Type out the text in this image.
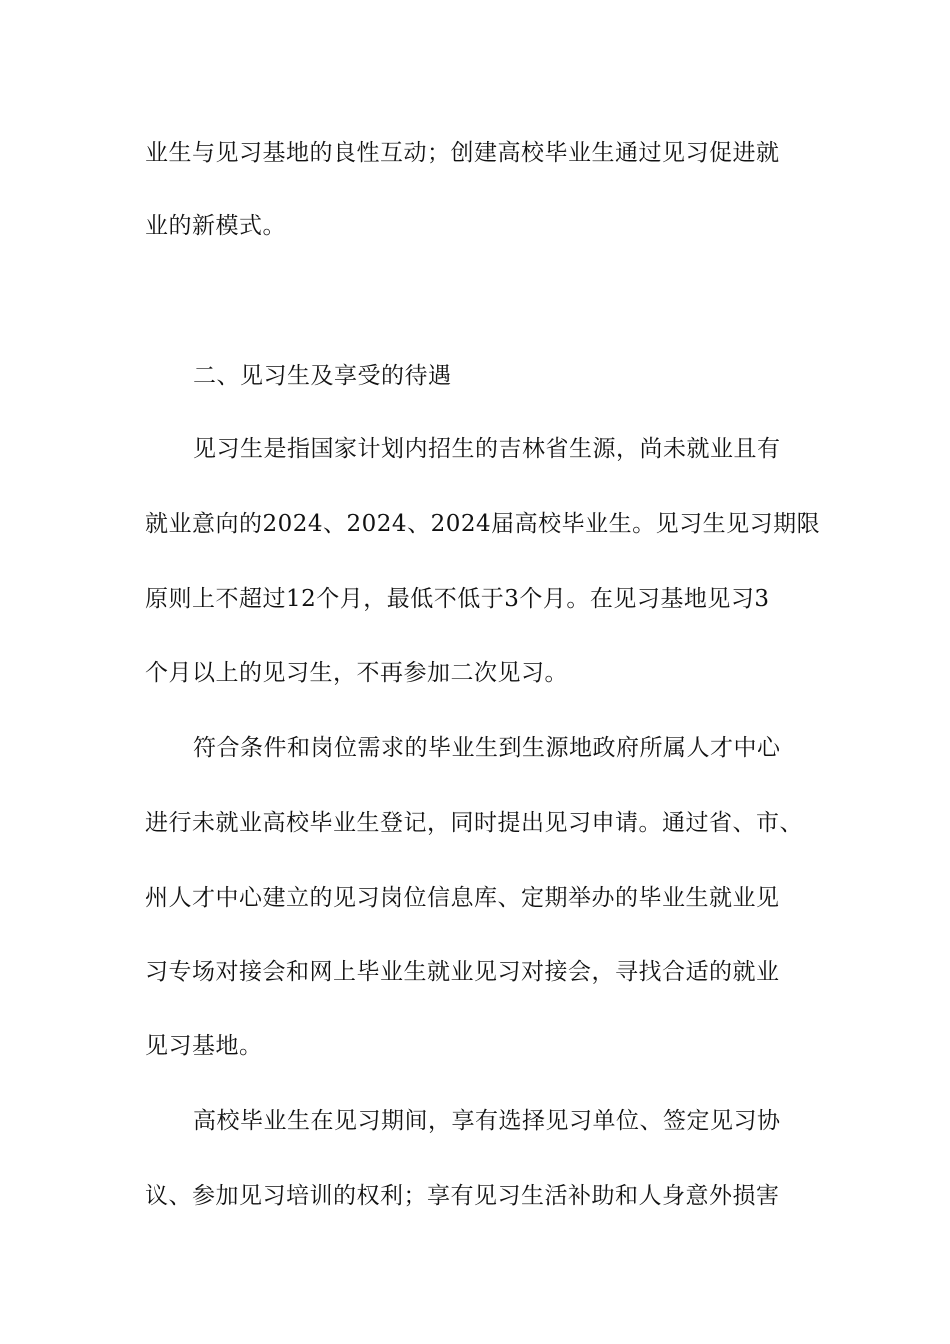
业生与见习基地的良性互动；创建高校毕业生通过见习促进就
业的新模式。
二、见习生及享受的待遇
见习生是指国家计划内招生的吉林省生源，尚未就业且有
就业意向的2024、2024、2024届高校毕业生。见习生见习期限
原则上不超过12个月，最低不低于3个月。在见习基地见习3
个月以上的见习生，不再参加二次见习。
符合条件和岗位需求的毕业生到生源地政府所属人才中心
进行未就业高校毕业生登记，同时提出见习申请。通过省、市、
州人才中心建立的见习岗位信息库、定期举办的毕业生就业见
习专场对接会和网上毕业生就业见习对接会，寻找合适的就业
见习基地。
高校毕业生在见习期间，享有选择见习单位、签定见习协
议、参加见习培训的权利；享有见习生活补助和人身意外损害
